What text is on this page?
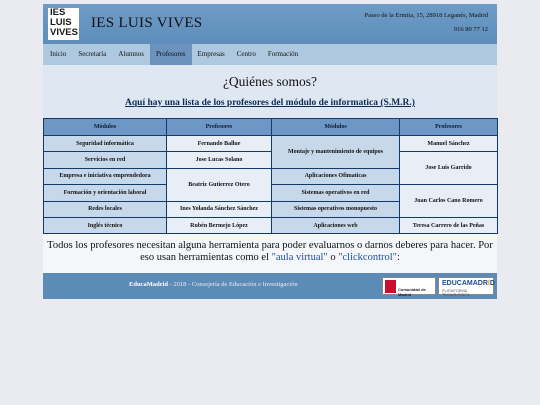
IES
LUIS
VIVES
IES LUIS VIVES	Paseo de la Ermita, 15, 28918 Leganés, Madrid
916 80 77 12
Inicio	Secretaría	Alumnos	Profesores	Empresas	Centro	Formación
¿Quiénes somos?
Aquí hay una lista de los profesores del módulo de informatica (S.M.R.)
Módulos	Profesores	Módulos	Profesores
Seguridad informática	Fernando Ballue	Montaje y mantenimiento de equipos	Manuel Sánchez
Servicios en red	Jose Lucas Solano		Jose Luis Garrido
Empresa e iniciativa emprendedora	Beatriz Gutierrez Otero	Aplicaciones Ofimaticas	
Formación y orientación laboral		Sistemas operativos en red	Juan Carlos Cano Romero
Redes locales	Ines Yolanda Sánchez Sánchez	Sistemas operativos monopuesto	
Inglés técnico	Rubén Bermejo López	Aplicaciones web	Teresa Carrero de las Peñas
Todos los profesores necesitan alguna herramienta para poder evaluarnos o darnos deberes para hacer. Por eso usan herramientas como el "aula virtual" o "clickcontrol":
EducaMadrid - 2018 - Consejería de Educación e Investigación
Comunidad de Madrid
EDUCAMADRID
PLATAFORMA TECNOLÓGICA
